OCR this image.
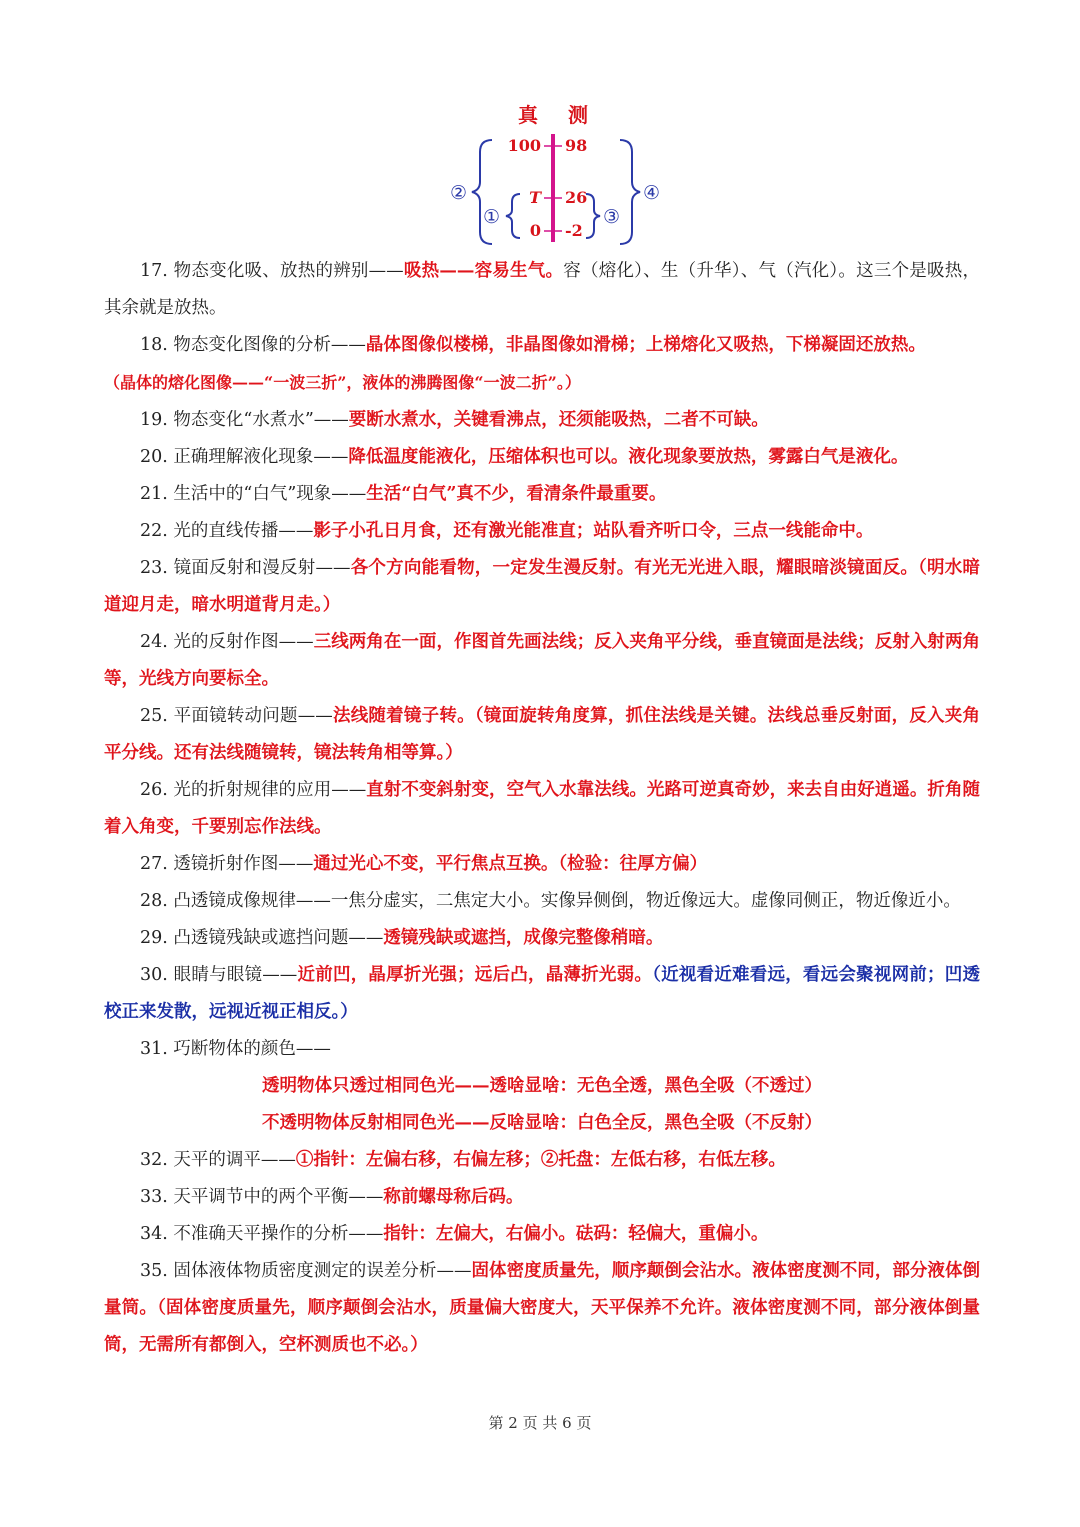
真 测
100 98
T 26
0 -2
②
①	③
④

17. 物态变化吸、放热的辨别——吸热——容易生气。容（熔化）、生（升华）、气（汽化）。这三个是吸热，其余就是放热。

18. 物态变化图像的分析——晶体图像似楼梯，非晶图像如滑梯；上梯熔化又吸热，下梯凝固还放热。

（晶体的熔化图像——“一波三折”，液体的沸腾图像“一波二折”。）

19. 物态变化“水煮水”——要断水煮水，关键看沸点，还须能吸热，二者不可缺。

20. 正确理解液化现象——降低温度能液化，压缩体积也可以。液化现象要放热，雾露白气是液化。

21. 生活中的“白气”现象——生活“白气”真不少，看清条件最重要。

22. 光的直线传播——影子小孔日月食，还有激光能准直；站队看齐听口令，三点一线能命中。

23. 镜面反射和漫反射——各个方向能看物，一定发生漫反射。有光无光进入眼，耀眼暗淡镜面反。（明水暗道迎月走，暗水明道背月走。）

24. 光的反射作图——三线两角在一面，作图首先画法线；反入夹角平分线，垂直镜面是法线；反射入射两角等，光线方向要标全。

25. 平面镜转动问题——法线随着镜子转。（镜面旋转角度算，抓住法线是关键。法线总垂反射面，反入夹角平分线。还有法线随镜转，镜法转角相等算。）

26. 光的折射规律的应用——直射不变斜射变，空气入水靠法线。光路可逆真奇妙，来去自由好逍遥。折角随着入角变，千要别忘作法线。

27. 透镜折射作图——通过光心不变，平行焦点互换。（检验：往厚方偏）

28. 凸透镜成像规律——一焦分虚实，二焦定大小。实像异侧倒，物近像远大。虚像同侧正，物近像近小。

29. 凸透镜残缺或遮挡问题——透镜残缺或遮挡，成像完整像稍暗。

30. 眼睛与眼镜——近前凹，晶厚折光强；远后凸，晶薄折光弱。（近视看近难看远，看远会聚视网前；凹透校正来发散，远视近视正相反。）

31. 巧断物体的颜色——

透明物体只透过相同色光——透啥显啥：无色全透，黑色全吸（不透过）

不透明物体反射相同色光——反啥显啥：白色全反，黑色全吸（不反射）

32. 天平的调平——①指针：左偏右移，右偏左移；②托盘：左低右移，右低左移。

33. 天平调节中的两个平衡——称前螺母称后码。

34. 不准确天平操作的分析——指针：左偏大，右偏小。砝码：轻偏大，重偏小。

35. 固体液体物质密度测定的误差分析——固体密度质量先，顺序颠倒会沾水。液体密度测不同，部分液体倒量筒。（固体密度质量先，顺序颠倒会沾水，质量偏大密度大，天平保养不允许。液体密度测不同，部分液体倒量筒，无需所有都倒入，空杯测质也不必。）

第 2 页 共 6 页
